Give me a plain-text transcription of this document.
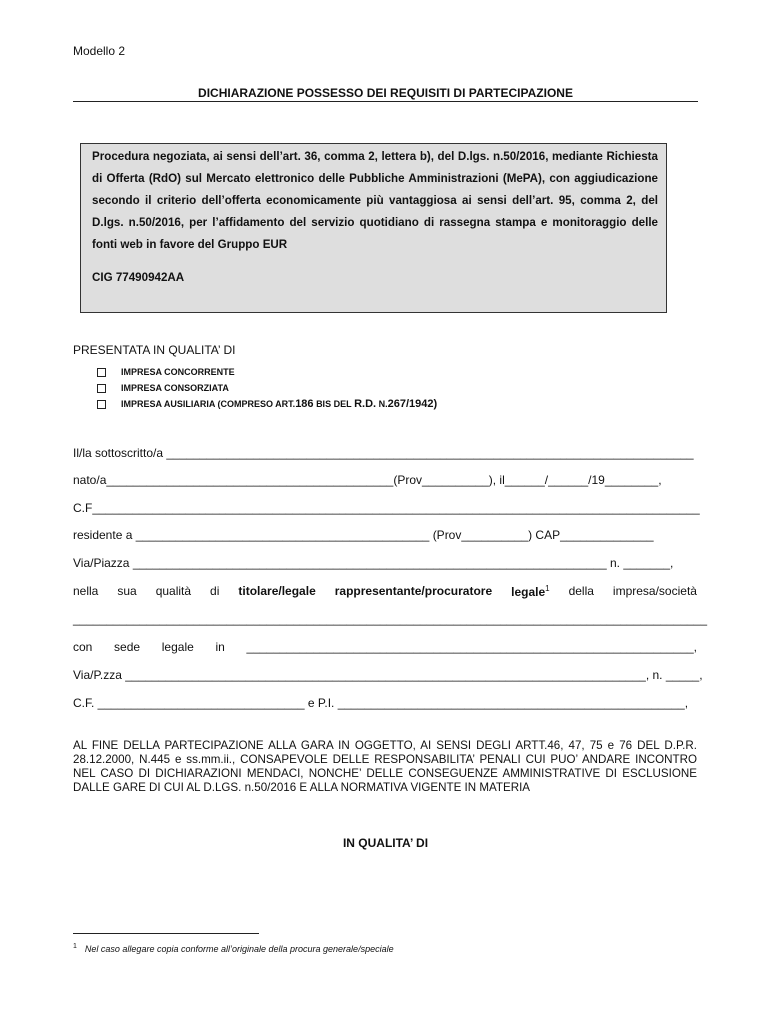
Modello 2
DICHIARAZIONE POSSESSO DEI REQUISITI DI PARTECIPAZIONE
Procedura negoziata, ai sensi dell’art. 36, comma 2, lettera b), del D.lgs. n.50/2016, mediante Richiesta di Offerta (RdO) sul Mercato elettronico delle Pubbliche Amministrazioni (MePA), con aggiudicazione secondo il criterio dell’offerta economicamente più vantaggiosa ai sensi dell’art. 95, comma 2, del D.lgs. n.50/2016, per l’affidamento del servizio quotidiano di rassegna stampa e monitoraggio delle fonti web in favore del Gruppo EUR
CIG 77490942AA
PRESENTATA IN QUALITA’ DI
IMPRESA CONCORRENTE
IMPRESA CONSORZIATA
IMPRESA AUSILIARIA (COMPRESO ART. 186
BIS DEL
R.D.
N. 267/1942)
Il/la sottoscritto/a _______________________________________________________________________________
nato/a___________________________________________(Prov__________), il______/______/19________,
C.F___________________________________________________________________________________________
residente a ____________________________________________ (Prov__________) CAP______________
Via/Piazza _______________________________________________________________________ n. _______,
nella sua qualità di titolare/legale rappresentante/procuratore legale$^1$ della impresa/società
_______________________________________________________________________________________________
con sede legale in ___________________________________________________________________,
Via/P.zza ______________________________________________________________________________, n. _____,
C.F. _______________________________ e P.I. ____________________________________________________,
AL FINE DELLA PARTECIPAZIONE ALLA GARA IN OGGETTO, AI SENSI DEGLI ARTT.46, 47, 75 e 76 DEL D.P.R. 28.12.2000, N.445 e ss.mm.ii., CONSAPEVOLE DELLE RESPONSABILITA’ PENALI CUI PUO’ ANDARE INCONTRO NEL CASO DI DICHIARAZIONI MENDACI, NONCHE’ DELLE CONSEGUENZE AMMINISTRATIVE DI ESCLUSIONE DALLE GARE DI CUI AL D.LGS. n.50/2016 E ALLA NORMATIVA VIGENTE IN MATERIA
IN QUALITA’ DI
$^1$ Nel caso allegare copia conforme all’originale della procura generale/speciale
